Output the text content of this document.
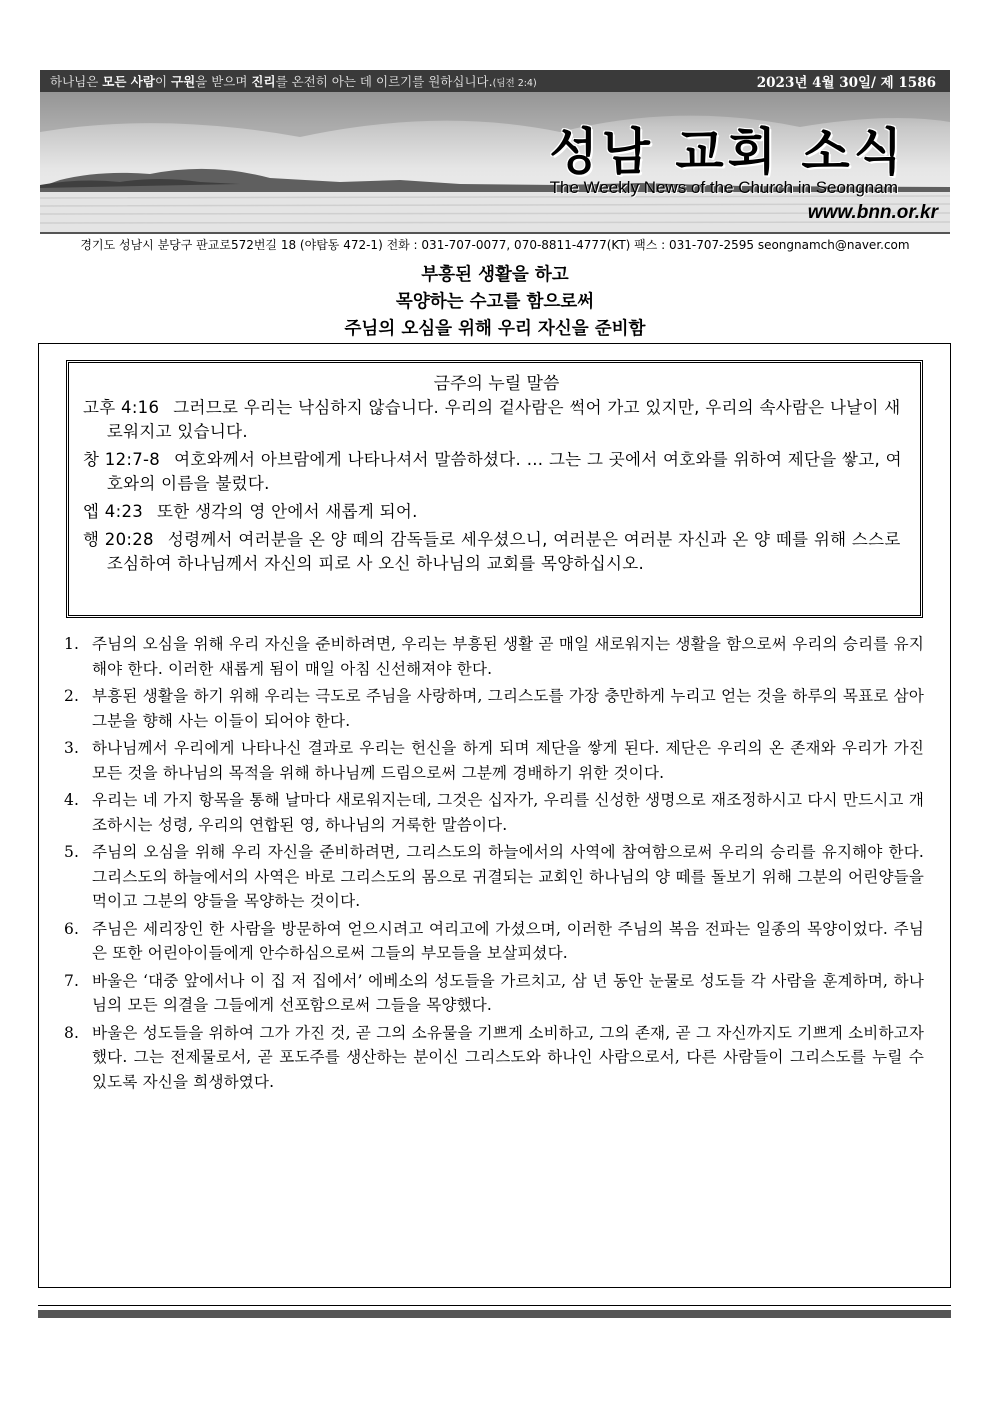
하나님은 모든 사람이 구원을 받으며 진리를 온전히 아는 데 이르기를 원하십니다.(딤전 2:4)	2023년 4월 30일/ 제 1586
성남 교회 소식
The Weekly News of the Church in Seongnam
www.bnn.or.kr
경기도 성남시 분당구 판교로572번길 18 (야탑동 472-1) 전화 : 031-707-0077, 070-8811-4777(KT) 팩스 : 031-707-2595 seongnamch@naver.com
부흥된 생활을 하고
목양하는 수고를 함으로써
주님의 오심을 위해 우리 자신을 준비함
금주의 누릴 말씀
고후 4:16 그러므로 우리는 낙심하지 않습니다. 우리의 겉사람은 썩어 가고 있지만, 우리의 속사람은 나날이 새로워지고 있습니다.
창 12:7-8 여호와께서 아브람에게 나타나셔서 말씀하셨다. … 그는 그 곳에서 여호와를 위하여 제단을 쌓고, 여호와의 이름을 불렀다.
엡 4:23 또한 생각의 영 안에서 새롭게 되어.
행 20:28 성령께서 여러분을 온 양 떼의 감독들로 세우셨으니, 여러분은 여러분 자신과 온 양 떼를 위해 스스로 조심하여 하나님께서 자신의 피로 사 오신 하나님의 교회를 목양하십시오.
1. 주님의 오심을 위해 우리 자신을 준비하려면, 우리는 부흥된 생활 곧 매일 새로워지는 생활을 함으로써 우리의 승리를 유지해야 한다. 이러한 새롭게 됨이 매일 아침 신선해져야 한다.
2. 부흥된 생활을 하기 위해 우리는 극도로 주님을 사랑하며, 그리스도를 가장 충만하게 누리고 얻는 것을 하루의 목표로 삼아 그분을 향해 사는 이들이 되어야 한다.
3. 하나님께서 우리에게 나타나신 결과로 우리는 헌신을 하게 되며 제단을 쌓게 된다. 제단은 우리의 온 존재와 우리가 가진 모든 것을 하나님의 목적을 위해 하나님께 드림으로써 그분께 경배하기 위한 것이다.
4. 우리는 네 가지 항목을 통해 날마다 새로워지는데, 그것은 십자가, 우리를 신성한 생명으로 재조정하시고 다시 만드시고 개조하시는 성령, 우리의 연합된 영, 하나님의 거룩한 말씀이다.
5. 주님의 오심을 위해 우리 자신을 준비하려면, 그리스도의 하늘에서의 사역에 참여함으로써 우리의 승리를 유지해야 한다. 그리스도의 하늘에서의 사역은 바로 그리스도의 몸으로 귀결되는 교회인 하나님의 양 떼를 돌보기 위해 그분의 어린양들을 먹이고 그분의 양들을 목양하는 것이다.
6. 주님은 세리장인 한 사람을 방문하여 얻으시려고 여리고에 가셨으며, 이러한 주님의 복음 전파는 일종의 목양이었다. 주님은 또한 어린아이들에게 안수하심으로써 그들의 부모들을 보살피셨다.
7. 바울은 ‘대중 앞에서나 이 집 저 집에서’ 에베소의 성도들을 가르치고, 삼 년 동안 눈물로 성도들 각 사람을 훈계하며, 하나님의 모든 의결을 그들에게 선포함으로써 그들을 목양했다.
8. 바울은 성도들을 위하여 그가 가진 것, 곧 그의 소유물을 기쁘게 소비하고, 그의 존재, 곧 그 자신까지도 기쁘게 소비하고자 했다. 그는 전제물로서, 곧 포도주를 생산하는 분이신 그리스도와 하나인 사람으로서, 다른 사람들이 그리스도를 누릴 수 있도록 자신을 희생하였다.
